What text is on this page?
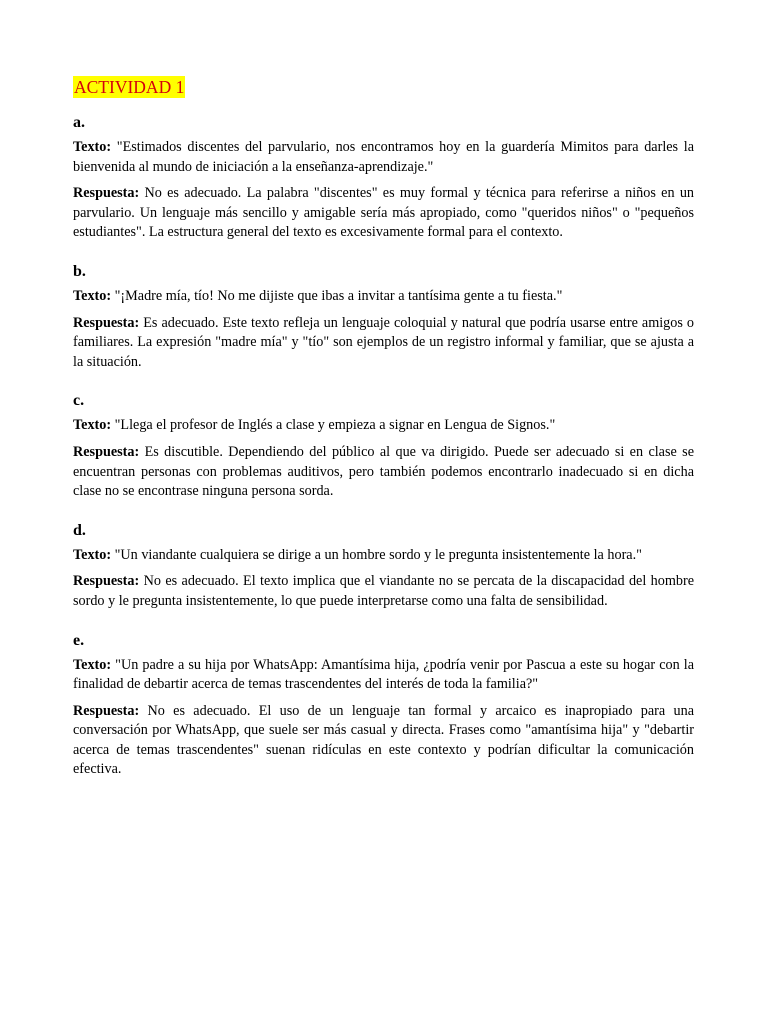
ACTIVIDAD 1
a.

Texto: "Estimados discentes del parvulario, nos encontramos hoy en la guardería Mimitos para darles la bienvenida al mundo de iniciación a la enseñanza-aprendizaje."

Respuesta: No es adecuado. La palabra "discentes" es muy formal y técnica para referirse a niños en un parvulario. Un lenguaje más sencillo y amigable sería más apropiado, como "queridos niños" o "pequeños estudiantes". La estructura general del texto es excesivamente formal para el contexto.

b.

Texto: "¡Madre mía, tío! No me dijiste que ibas a invitar a tantísima gente a tu fiesta."

Respuesta: Es adecuado. Este texto refleja un lenguaje coloquial y natural que podría usarse entre amigos o familiares. La expresión "madre mía" y "tío" son ejemplos de un registro informal y familiar, que se ajusta a la situación.

c.

Texto: "Llega el profesor de Inglés a clase y empieza a signar en Lengua de Signos."

Respuesta: Es discutible. Dependiendo del público al que va dirigido. Puede ser adecuado si en clase se encuentran personas con problemas auditivos, pero también podemos encontrarlo inadecuado si en dicha clase no se encontrase ninguna persona sorda.

d.

Texto: "Un viandante cualquiera se dirige a un hombre sordo y le pregunta insistentemente la hora."

Respuesta: No es adecuado. El texto implica que el viandante no se percata de la discapacidad del hombre sordo y le pregunta insistentemente, lo que puede interpretarse como una falta de sensibilidad.

e.

Texto: "Un padre a su hija por WhatsApp: Amantísima hija, ¿podría venir por Pascua a este su hogar con la finalidad de debartir acerca de temas trascendentes del interés de toda la familia?"

Respuesta: No es adecuado. El uso de un lenguaje tan formal y arcaico es inapropiado para una conversación por WhatsApp, que suele ser más casual y directa. Frases como "amantísima hija" y "debartir acerca de temas trascendentes" suenan ridículas en este contexto y podrían dificultar la comunicación efectiva.
